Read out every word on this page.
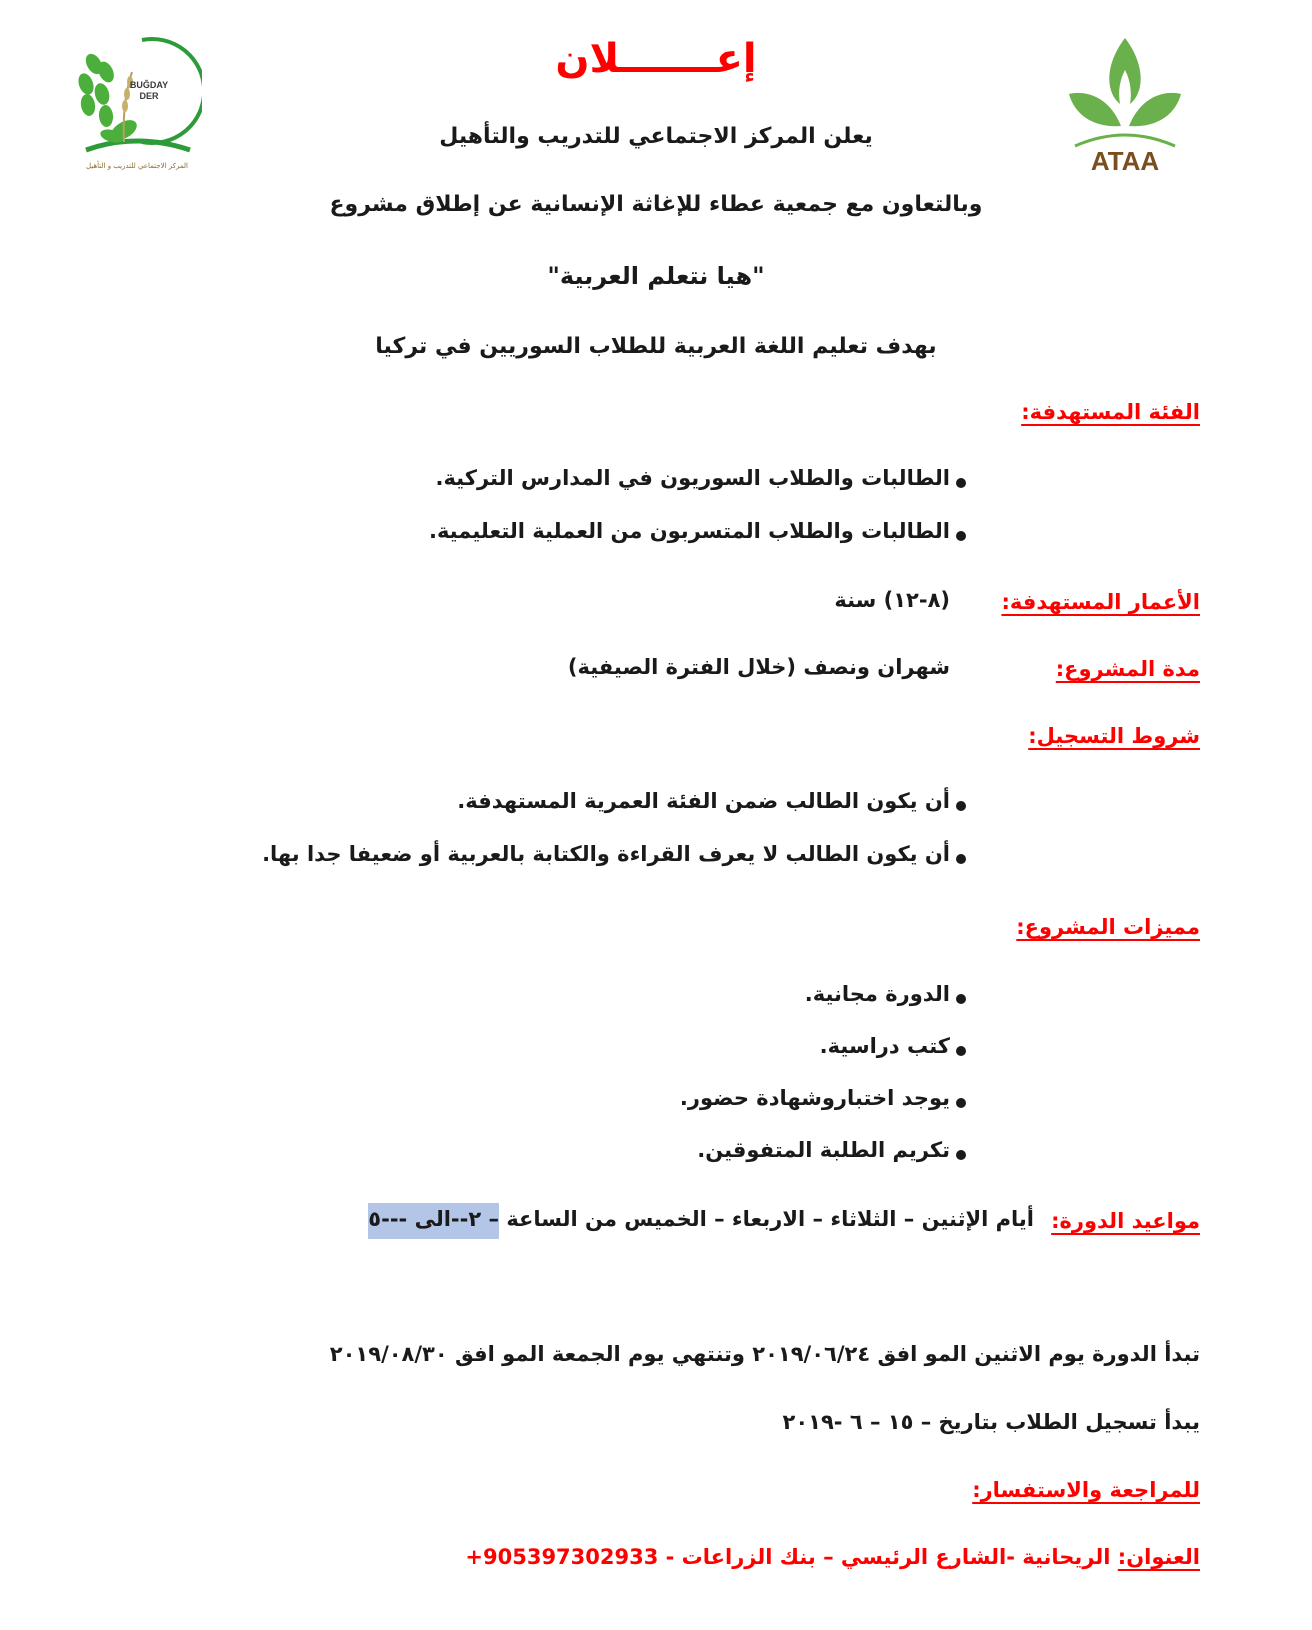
BUĞDAY
DER
المركز الاجتماعي للتدريب و التأهيل	ATAA
إعـــــــلان
يعلن المركز الاجتماعي للتدريب والتأهيل
وبالتعاون مع جمعية عطاء للإغاثة الإنسانية عن إطلاق مشروع
"هيا نتعلم العربية"
بهدف تعليم اللغة العربية للطلاب السوريين في تركيا
الفئة المستهدفة:
الطالبات والطلاب السوريون في المدارس التركية.
الطالبات والطلاب المتسربون من العملية التعليمية.
الأعمار المستهدفة:
(٨-١٢) سنة
مدة المشروع:
شهران ونصف (خلال الفترة الصيفية)
شروط التسجيل:
أن يكون الطالب ضمن الفئة العمرية المستهدفة.
أن يكون الطالب لا يعرف القراءة والكتابة بالعربية أو ضعيفا جدا بها.
مميزات المشروع:
الدورة مجانية.
كتب دراسية.
يوجد اختباروشهادة حضور.
تكريم الطلبة المتفوقين.
مواعيد الدورة:
أيام الإثنين – الثلاثاء – الاربعاء – الخميس من الساعة – ٢--الى ---٥
تبدأ الدورة يوم الاثنين المو افق ٢٠١٩/٠٦/٢٤ وتنتهي يوم الجمعة المو افق ٢٠١٩/٠٨/٣٠
يبدأ تسجيل الطلاب بتاريخ – ١٥ – ٦ -٢٠١٩
للمراجعة والاستفسار:
العنوان: الريحانية -الشارع الرئيسي – بنك الزراعات - 905397302933+
